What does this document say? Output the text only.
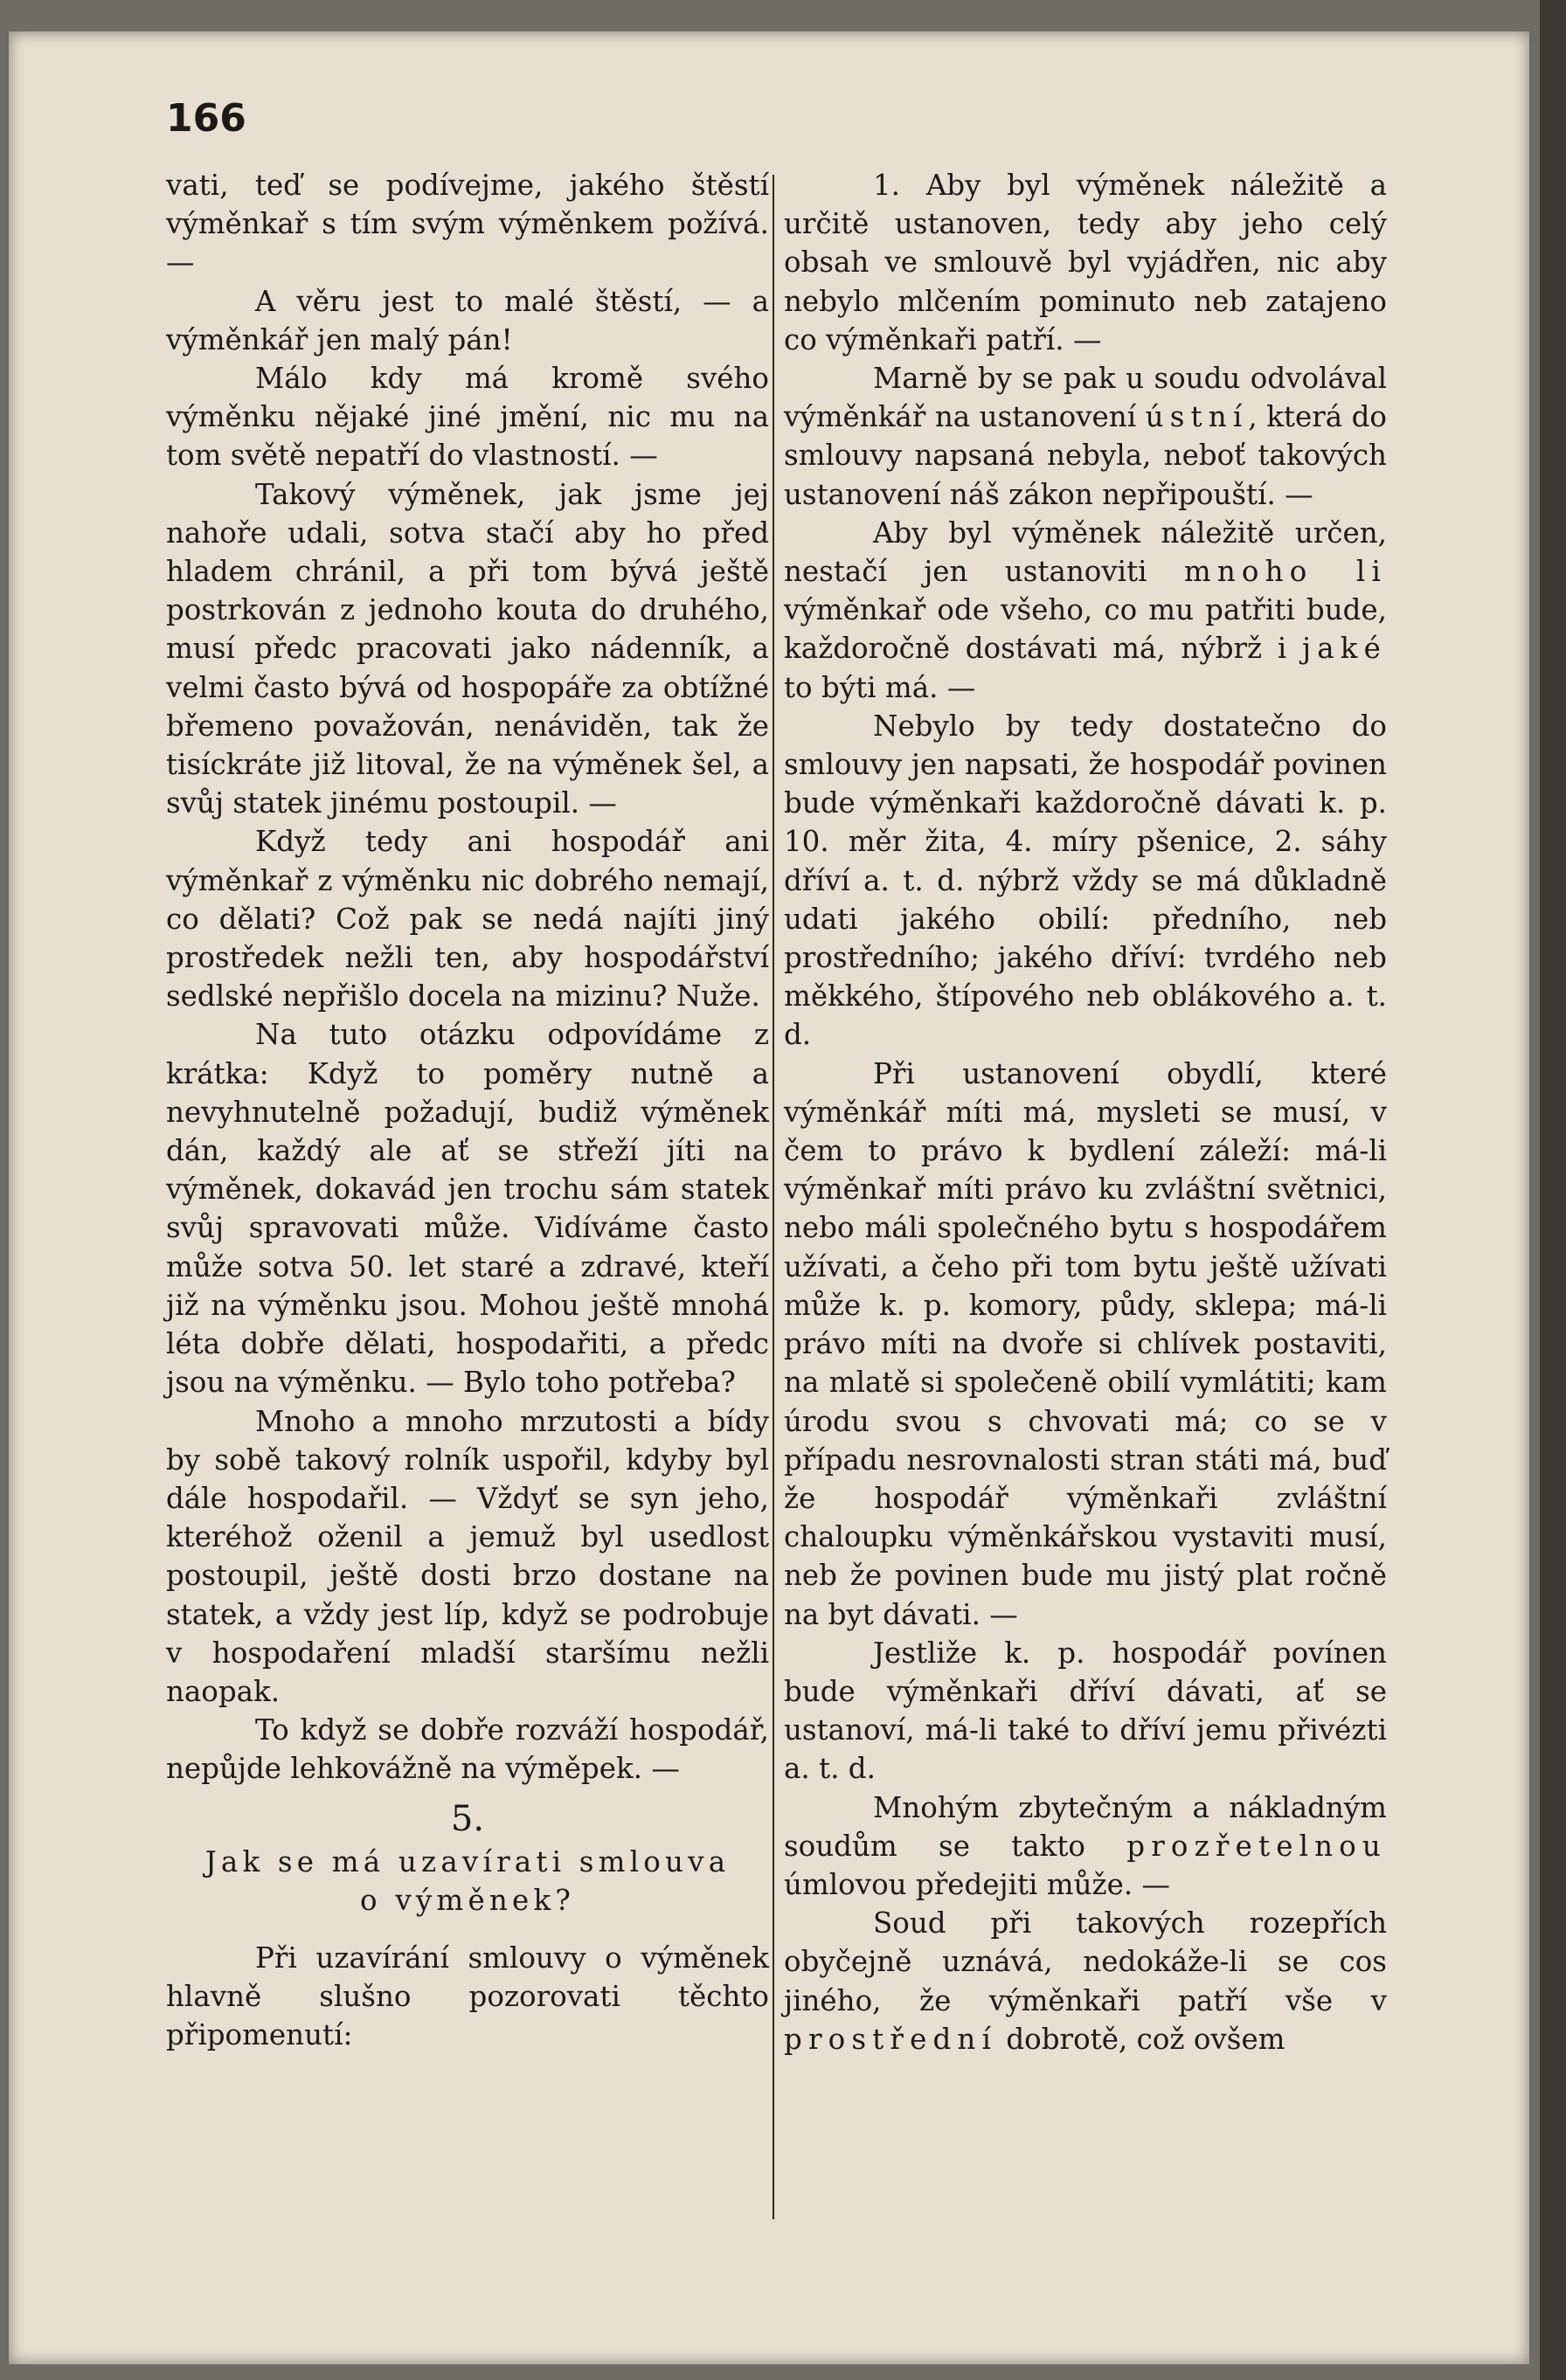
166
vati, teď se podívejme, jakého štěstí výměnkař s tím svým výměnkem požívá. —
A věru jest to malé štěstí, — a výměnkář jen malý pán!
Málo kdy má kromě svého výměnku nějaké jiné jmění, nic mu na tom světě nepatří do vlastností. —
Takový výměnek, jak jsme jej nahoře udali, sotva stačí aby ho před hladem chránil, a při tom bývá ještě postrkován z jednoho kouta do druhého, musí předc pracovati jako nádenník, a velmi často bývá od hospopáře za obtížné břemeno považován, nenáviděn, tak že tisíckráte již litoval, že na výměnek šel, a svůj statek jinému postoupil. —
Když tedy ani hospodář ani výměnkař z výměnku nic dobrého nemají, co dělati? Což pak se nedá najíti jiný prostředek nežli ten, aby hospodářství sedlské nepřišlo docela na mizinu? Nuže.
Na tuto otázku odpovídáme z krátka: Když to poměry nutně a nevyhnutelně požadují, budiž výměnek dán, každý ale ať se střeží jíti na výměnek, dokavád jen trochu sám statek svůj spravovati může. Vidíváme často může sotva 50. let staré a zdravé, kteří již na výměnku jsou. Mohou ještě mnohá léta dobře dělati, hospodařiti, a předc jsou na výměnku. — Bylo toho potřeba?
Mnoho a mnoho mrzutosti a bídy by sobě takový rolník uspořil, kdyby byl dále hospodařil. — Vždyť se syn jeho, kteréhož oženil a jemuž byl usedlost postoupil, ještě dosti brzo dostane na statek, a vždy jest líp, když se podrobuje v hospodaření mladší staršímu nežli naopak.
To když se dobře rozváží hospodář, nepůjde lehkovážně na výměpek. —
5.
Jak se má uzavírati smlouva
o výměnek?
Při uzavírání smlouvy o výměnek hlavně slušno pozorovati těchto připomenutí:
1. Aby byl výměnek náležitě a určitě ustanoven, tedy aby jeho celý obsah ve smlouvě byl vyjádřen, nic aby nebylo mlčením pominuto neb zatajeno co výměnkaři patří. —
Marně by se pak u soudu odvolával výměnkář na ustanovení ústní, která do smlouvy napsaná nebyla, neboť takových ustanovení náš zákon nepřipouští. —
Aby byl výměnek náležitě určen, nestačí jen ustanoviti mnoho li výměnkař ode všeho, co mu patřiti bude, každoročně dostávati má, nýbrž i jaké to býti má. —
Nebylo by tedy dostatečno do smlouvy jen napsati, že hospodář povinen bude výměnkaři každoročně dávati k. p. 10. měr žita, 4. míry pšenice, 2. sáhy dříví a. t. d. nýbrž vždy se má důkladně udati jakého obilí: předního, neb prostředního; jakého dříví: tvrdého neb měkkého, štípového neb oblákového a. t. d.
Při ustanovení obydlí, které výměnkář míti má, mysleti se musí, v čem to právo k bydlení záleží: má-li výměnkař míti právo ku zvláštní světnici, nebo máli společného bytu s hospodářem užívati, a čeho při tom bytu ještě užívati může k. p. komory, půdy, sklepa; má-li právo míti na dvoře si chlívek postaviti, na mlatě si společeně obilí vymlátiti; kam úrodu svou s chvovati má; co se v případu nesrovnalosti stran státi má, buď že hospodář výměnkaři zvláštní chaloupku výměnkářskou vystaviti musí, neb že povinen bude mu jistý plat ročně na byt dávati. —
Jestliže k. p. hospodář povínen bude výměnkaři dříví dávati, ať se ustanoví, má-li také to dříví jemu přivézti a. t. d.
Mnohým zbytečným a nákladným soudům se takto prozřetelnou úmlovou předejiti může. —
Soud při takových rozepřích obyčejně uznává, nedokáže-li se cos jiného, že výměnkaři patří vše v prostřední dobrotě, což ovšem
